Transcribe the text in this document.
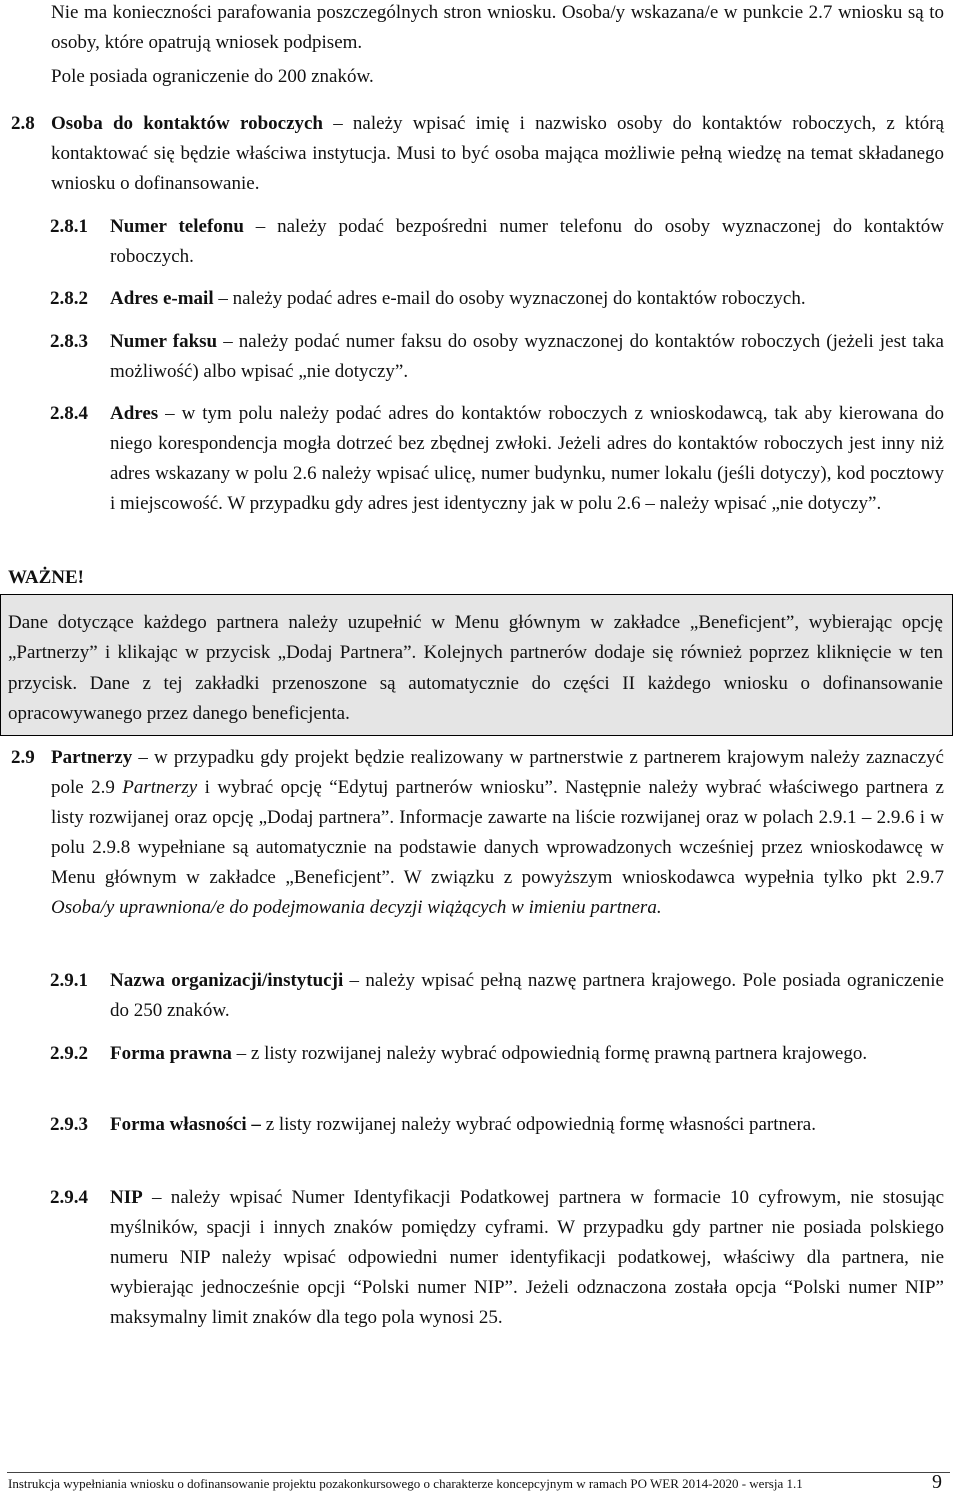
Nie ma konieczności parafowania poszczególnych stron wniosku. Osoba/y wskazana/e w punkcie 2.7 wniosku są to osoby, które opatrują wniosek podpisem.
Pole posiada ograniczenie do 200 znaków.
2.8 Osoba do kontaktów roboczych – należy wpisać imię i nazwisko osoby do kontaktów roboczych, z którą kontaktować się będzie właściwa instytucja. Musi to być osoba mająca możliwie pełną wiedzę na temat składanego wniosku o dofinansowanie.
2.8.1 Numer telefonu – należy podać bezpośredni numer telefonu do osoby wyznaczonej do kontaktów roboczych.
2.8.2 Adres e-mail – należy podać adres e-mail do osoby wyznaczonej do kontaktów roboczych.
2.8.3 Numer faksu – należy podać numer faksu do osoby wyznaczonej do kontaktów roboczych (jeżeli jest taka możliwość) albo wpisać „nie dotyczy”.
2.8.4 Adres – w tym polu należy podać adres do kontaktów roboczych z wnioskodawcą, tak aby kierowana do niego korespondencja mogła dotrzeć bez zbędnej zwłoki. Jeżeli adres do kontaktów roboczych jest inny niż adres wskazany w polu 2.6 należy wpisać ulicę, numer budynku, numer lokalu (jeśli dotyczy), kod pocztowy i miejscowość. W przypadku gdy adres jest identyczny jak w polu 2.6 – należy wpisać „nie dotyczy”.
WAŻNE!
Dane dotyczące każdego partnera należy uzupełnić w Menu głównym w zakładce „Beneficjent”, wybierając opcję „Partnerzy” i klikając w przycisk „Dodaj Partnera”. Kolejnych partnerów dodaje się również poprzez kliknięcie w ten przycisk. Dane z tej zakładki przenoszone są automatycznie do części II każdego wniosku o dofinansowanie opracowywanego przez danego beneficjenta.
2.9 Partnerzy – w przypadku gdy projekt będzie realizowany w partnerstwie z partnerem krajowym należy zaznaczyć pole 2.9 Partnerzy i wybrać opcję “Edytuj partnerów wniosku”. Następnie należy wybrać właściwego partnera z listy rozwijanej oraz opcję „Dodaj partnera”. Informacje zawarte na liście rozwijanej oraz w polach 2.9.1 – 2.9.6 i w polu 2.9.8 wypełniane są automatycznie na podstawie danych wprowadzonych wcześniej przez wnioskodawcę w Menu głównym w zakładce „Beneficjent”. W związku z powyższym wnioskodawca wypełnia tylko pkt 2.9.7 Osoba/y uprawniona/e do podejmowania decyzji wiążących w imieniu partnera.
2.9.1 Nazwa organizacji/instytucji – należy wpisać pełną nazwę partnera krajowego. Pole posiada ograniczenie do 250 znaków.
2.9.2 Forma prawna – z listy rozwijanej należy wybrać odpowiednią formę prawną partnera krajowego.
2.9.3 Forma własności – z listy rozwijanej należy wybrać odpowiednią formę własności partnera.
2.9.4 NIP – należy wpisać Numer Identyfikacji Podatkowej partnera w formacie 10 cyfrowym, nie stosując myślników, spacji i innych znaków pomiędzy cyframi. W przypadku gdy partner nie posiada polskiego numeru NIP należy wpisać odpowiedni numer identyfikacji podatkowej, właściwy dla partnera, nie wybierając jednocześnie opcji “Polski numer NIP”. Jeżeli odznaczona została opcja “Polski numer NIP” maksymalny limit znaków dla tego pola wynosi 25.
Instrukcja wypełniania wniosku o dofinansowanie projektu pozakonkursowego o charakterze koncepcyjnym w ramach PO WER 2014-2020 - wersja 1.1	9
